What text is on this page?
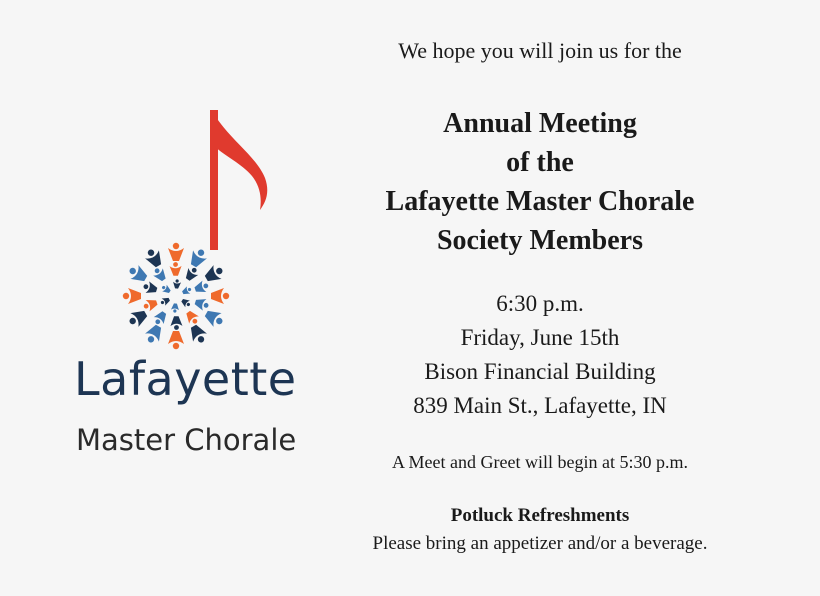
Lafayette
Master Chorale
We hope you will join us for the
Annual Meeting
of the
Lafayette Master Chorale
Society Members
6:30 p.m.
Friday, June 15th
Bison Financial Building
839 Main St., Lafayette, IN
A Meet and Greet will begin at 5:30 p.m.
Potluck Refreshments
Please bring an appetizer and/or a beverage.
